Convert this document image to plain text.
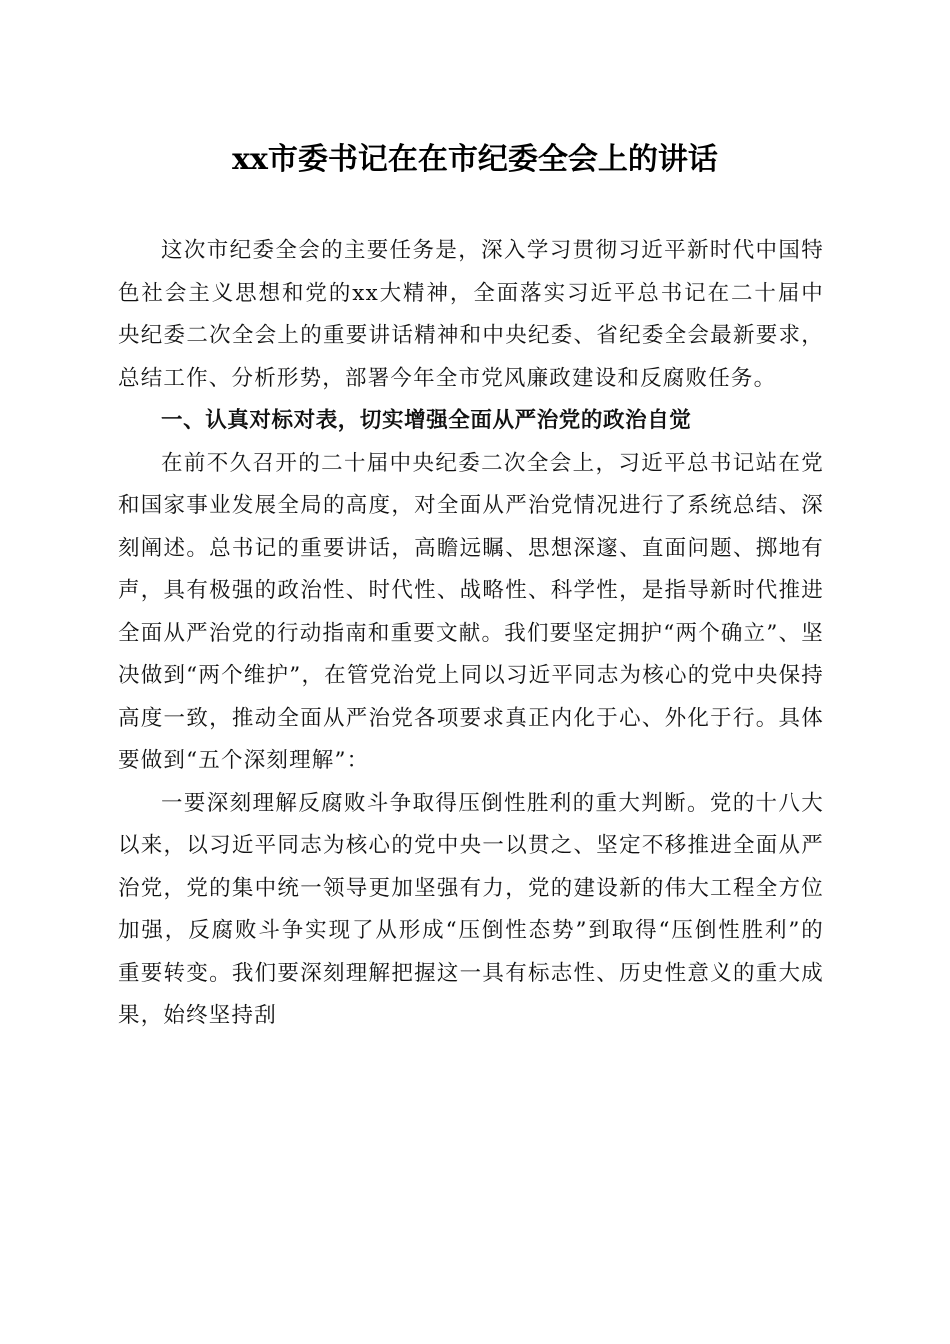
xx市委书记在在市纪委全会上的讲话

这次市纪委全会的主要任务是，深入学习贯彻习近平新时代中国特色社会主义思想和党的xx大精神，全面落实习近平总书记在二十届中央纪委二次全会上的重要讲话精神和中央纪委、省纪委全会最新要求，总结工作、分析形势，部署今年全市党风廉政建设和反腐败任务。

一、认真对标对表，切实增强全面从严治党的政治自觉

在前不久召开的二十届中央纪委二次全会上，习近平总书记站在党和国家事业发展全局的高度，对全面从严治党情况进行了系统总结、深刻阐述。总书记的重要讲话，高瞻远瞩、思想深邃、直面问题、掷地有声，具有极强的政治性、时代性、战略性、科学性，是指导新时代推进全面从严治党的行动指南和重要文献。我们要坚定拥护“两个确立”、坚决做到“两个维护”，在管党治党上同以习近平同志为核心的党中央保持高度一致，推动全面从严治党各项要求真正内化于心、外化于行。具体要做到“五个深刻理解”：

一要深刻理解反腐败斗争取得压倒性胜利的重大判断。党的十八大以来，以习近平同志为核心的党中央一以贯之、坚定不移推进全面从严治党，党的集中统一领导更加坚强有力，党的建设新的伟大工程全方位加强，反腐败斗争实现了从形成“压倒性态势”到取得“压倒性胜利”的重要转变。我们要深刻理解把握这一具有标志性、历史性意义的重大成果，始终坚持刮
